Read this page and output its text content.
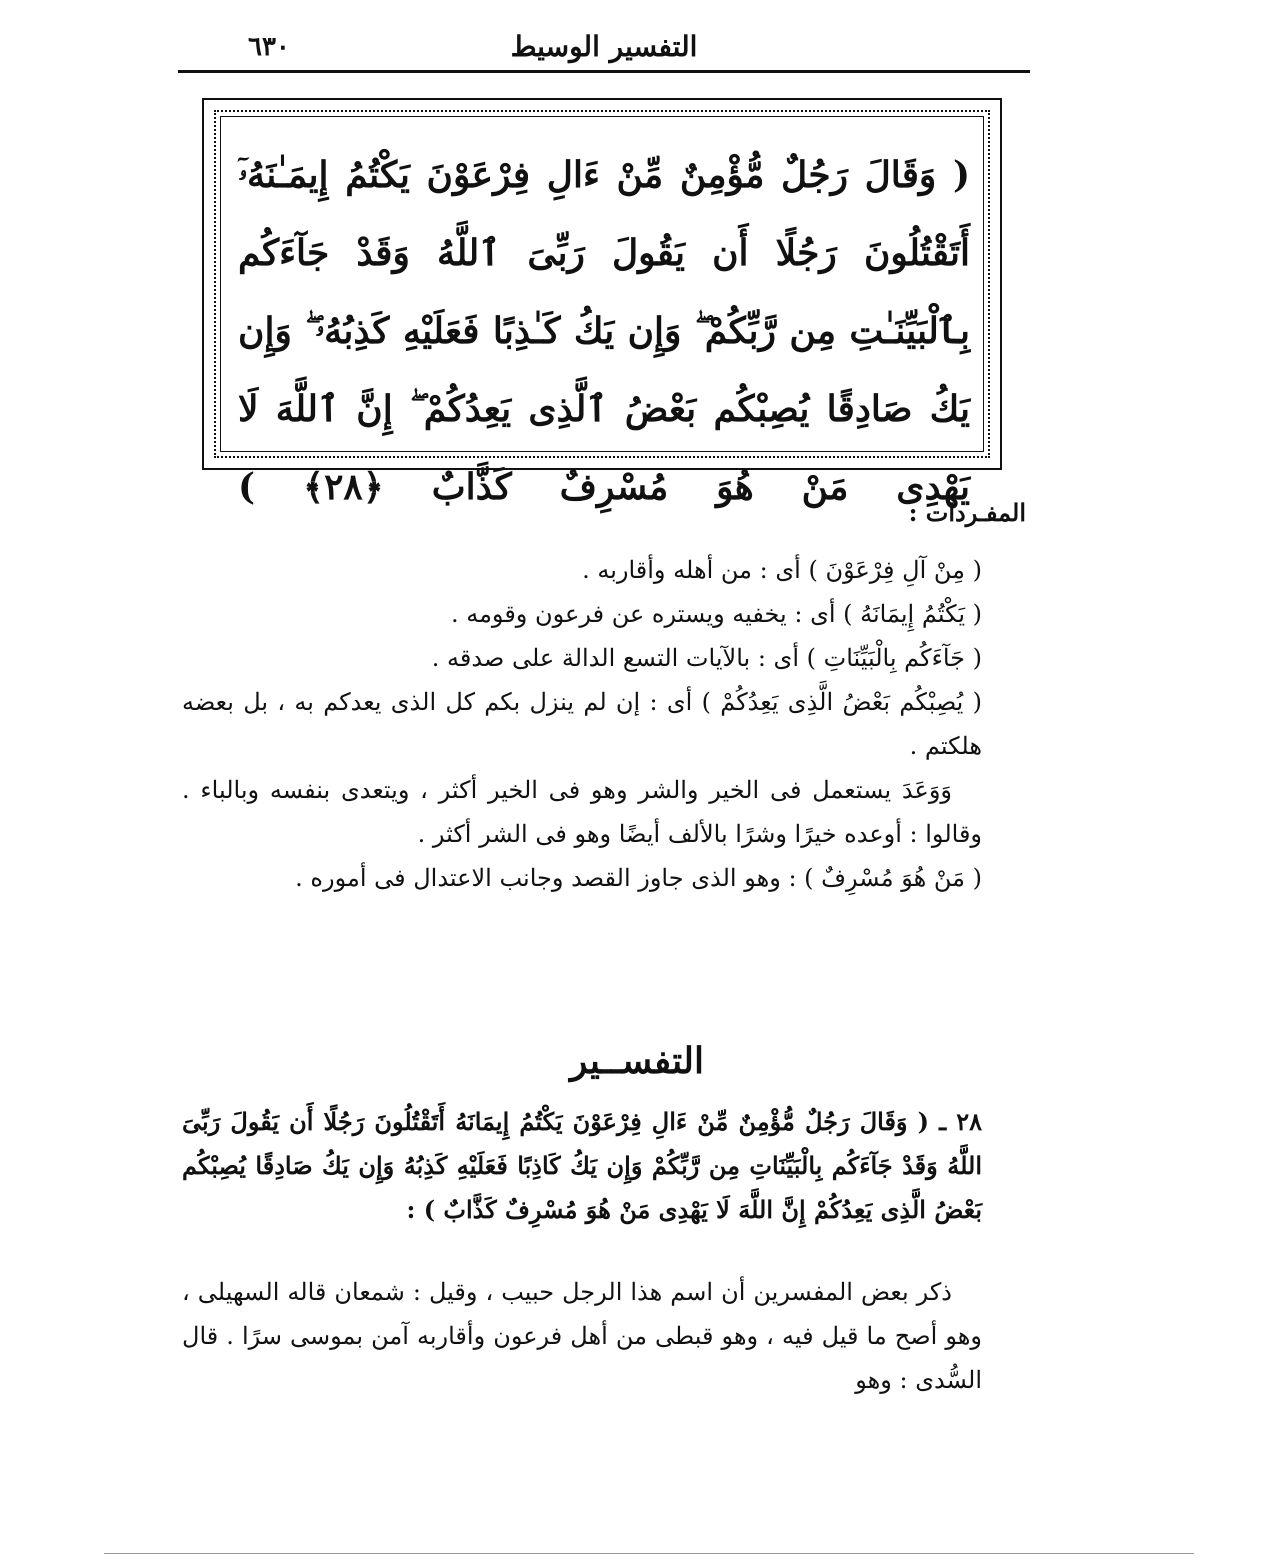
٦٣٠	التفسير الوسيط
( وَقَالَ رَجُلٌ مُّؤْمِنٌ مِّنْ ءَالِ فِرْعَوْنَ يَكْتُمُ إِيمَـٰنَهُۥٓ أَتَقْتُلُونَ رَجُلًا أَن يَقُولَ رَبِّىَ ٱللَّهُ وَقَدْ جَآءَكُم بِٱلْبَيِّنَـٰتِ مِن رَّبِّكُمْ ۖ وَإِن يَكُ كَـٰذِبًا فَعَلَيْهِ كَذِبُهُۥ ۖ وَإِن يَكُ صَادِقًا يُصِبْكُم بَعْضُ ٱلَّذِى يَعِدُكُمْ ۖ إِنَّ ٱللَّهَ لَا يَهْدِى مَنْ هُوَ مُسْرِفٌ كَذَّابٌ ﴿٢٨﴾ )
المفـردات :

( مِنْ آلِ فِرْعَوْنَ ) أى : من أهله وأقاربه .

( يَكْتُمُ إِيمَانَهُ ) أى : يخفيه ويستره عن فرعون وقومه .

( جَآءَكُم بِالْبَيِّنَاتِ ) أى : بالآيات التسع الدالة على صدقه .

( يُصِبْكُم بَعْضُ الَّذِى يَعِدُكُمْ ) أى : إن لم ينزل بكم كل الذى يعدكم به ، بل بعضه هلكتم .

وَوَعَدَ يستعمل فى الخير والشر وهو فى الخير أكثر ، ويتعدى بنفسه وبالباء . وقالوا : أوعده خيرًا وشرًا بالألف أيضًا وهو فى الشر أكثر .

( مَنْ هُوَ مُسْرِفٌ ) : وهو الذى جاوز القصد وجانب الاعتدال فى أموره .

التفســير
٢٨ ـ ( وَقَالَ رَجُلٌ مُّؤْمِنٌ مِّنْ ءَالِ فِرْعَوْنَ يَكْتُمُ إِيمَانَهُ أَتَقْتُلُونَ رَجُلًا أَن يَقُولَ رَبِّىَ اللَّهُ وَقَدْ جَآءَكُم بِالْبَيِّنَاتِ مِن رَّبِّكُمْ وَإِن يَكُ كَاذِبًا فَعَلَيْهِ كَذِبُهُ وَإِن يَكُ صَادِقًا يُصِبْكُم بَعْضُ الَّذِى يَعِدُكُمْ إِنَّ اللَّهَ لَا يَهْدِى مَنْ هُوَ مُسْرِفٌ كَذَّابٌ ) :
ذكر بعض المفسرين أن اسم هذا الرجل حبيب ، وقيل : شمعان قاله السهيلى ، وهو أصح ما قيل فيه ، وهو قبطى من أهل فرعون وأقاربه آمن بموسى سرًا . قال السُّدى : وهو
